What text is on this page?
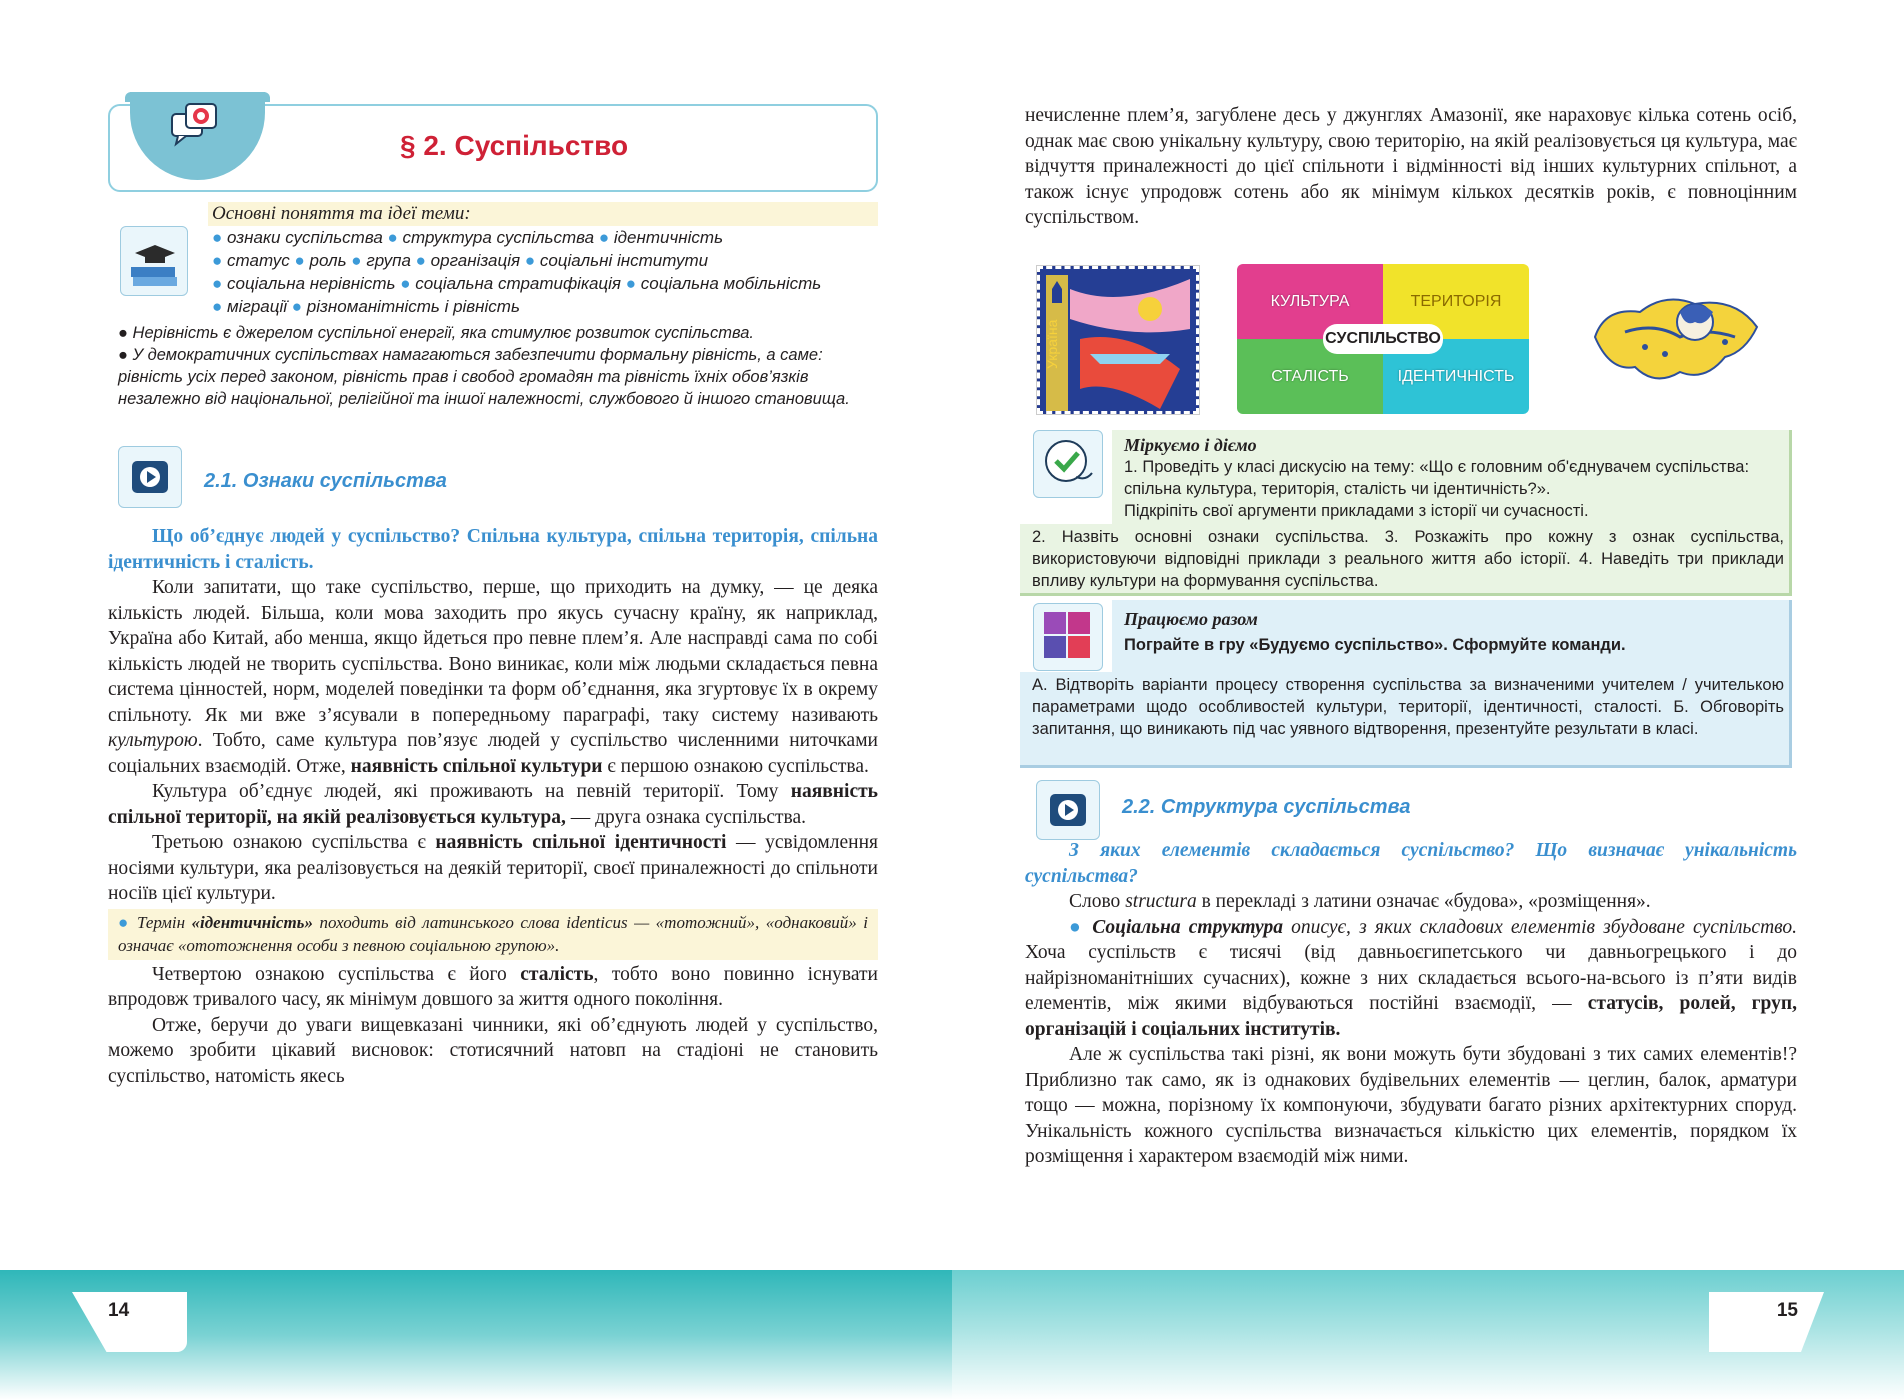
14
§ 2. Суспільство
Основні поняття та ідеї теми:
● ознаки суспільства ● структура суспільства ● ідентичність
● статус ● роль ● група ● організація ● соціальні інститути
● соціальна нерівність ● соціальна стратифікація ● соціальна мобільність
● міграції ● різноманітність і рівність
● Нерівність є джерелом суспільної енергії, яка стимулює розвиток суспільства.
● У демократичних суспільствах намагаються забезпечити формальну рівність, а саме: рівність усіх перед законом, рівність прав і свобод громадян та рівність їхніх обов’язків незалежно від національної, релігійної та іншої належності, службового й іншого становища.
2.1. Ознаки суспільства

Що об’єднує людей у суспільство? Спільна культура, спільна територія, спільна ідентичність і сталість.

Коли запитати, що таке суспільство, перше, що приходить на думку, — це деяка кількість людей. Більша, коли мова заходить про якусь сучасну країну, як наприклад, Україна або Китай, або менша, якщо йдеться про певне плем’я. Але насправді сама по собі кількість людей не творить суспільства. Воно виникає, коли між людьми складається певна система цінностей, норм, моделей поведінки та форм об’єднання, яка згуртовує їх в окрему спільноту. Як ми вже з’ясували в попередньому параграфі, таку систему називають культурою. Тобто, саме культура пов’язує людей у суспільство численними ниточками соціальних взаємодій. Отже, наявність спільної культури є першою ознакою суспільства.

Культура об’єднує людей, які проживають на певній території. Тому наявність спільної території, на якій реалізовується культура, — друга ознака суспільства.

Третьою ознакою суспільства є наявність спільної ідентичності — усвідомлення носіями культури, яка реалізовується на деякій території, своєї приналежності до спільноти носіїв цієї культури.

● Термін «ідентичність» походить від латинського слова identicus — «тотожний», «однаковий» і означає «ототожнення особи з певною соціальною групою».

Четвертою ознакою суспільства є його сталість, тобто воно повинно існувати впродовж тривалого часу, як мінімум довшого за життя одного покоління.

Отже, беручи до уваги вищевказані чинники, які об’єднують людей у суспільство, можемо зробити цікавий висновок: стотисячний натовп на стадіоні не становить суспільство, натомість якесь

15
нечисленне плем’я, загублене десь у джунглях Амазонії, яке нараховує кілька сотень осіб, однак має свою унікальну культуру, свою територію, на якій реалізовується ця культура, має відчуття приналежності до цієї спільноти і відмінності від інших культурних спільнот, а також існує упродовж сотень або як мінімум кількох десятків років, є повноцінним суспільством.
Україна
КУЛЬТУРА	ТЕРИТОРІЯ
СТАЛІСТЬ	ІДЕНТИЧНІСТЬ
СУСПІЛЬСТВО
Міркуємо і діємо
1. Проведіть у класі дискусію на тему: «Що є головним об'єднувачем суспільства: спільна культура, територія, сталість чи ідентичність?».
Підкріпіть свої аргументи прикладами з історії чи сучасності.
2. Назвіть основні ознаки суспільства. 3. Розкажіть про кожну з ознак суспільства, використовуючи відповідні приклади з реального життя або історії. 4. Наведіть три приклади впливу культури на формування суспільства.
Працюємо разом
Пограйте в гру «Будуємо суспільство». Сформуйте команди.
А. Відтворіть варіанти процесу створення суспільства за визначеними учителем / учителькою параметрами щодо особливостей культури, території, ідентичності, сталості. Б. Обговоріть запитання, що виникають під час уявного відтворення, презентуйте результати в класі.
2.2. Структура суспільства

З яких елементів складається суспільство? Що визначає унікальність суспільства?

Слово structura в перекладі з латини означає «будова», «розміщення».

● Соціальна структура описує, з яких складових елементів збудоване суспільство. Хоча суспільств є тисячі (від давньоєгипетського чи давньогрецького і до найрізноманітніших сучасних), кожне з них складається всього-на-всього із п’яти видів елементів, між якими відбуваються постійні взаємодії, — статусів, ролей, груп, організацій і соціальних інститутів.

Але ж суспільства такі різні, як вони можуть бути збудовані з тих самих елементів!? Приблизно так само, як із однакових будівельних елементів — цеглин, балок, арматури тощо — можна, порізному їх компонуючи, збудувати багато різних архітектурних споруд. Унікальність кожного суспільства визначається кількістю цих елементів, порядком їх розміщення і характером взаємодій між ними.
